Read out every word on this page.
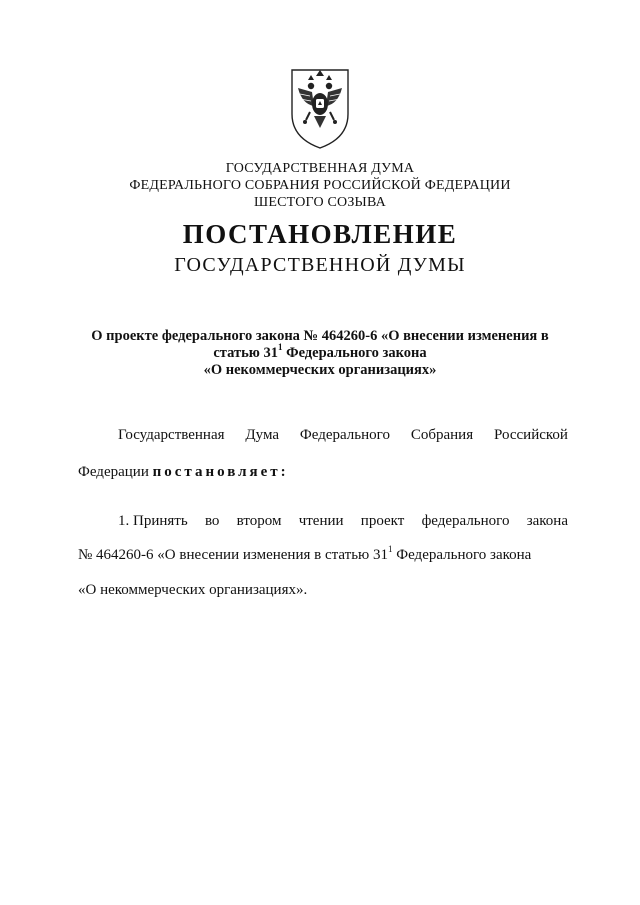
ГОСУДАРСТВЕННАЯ ДУМА
ФЕДЕРАЛЬНОГО СОБРАНИЯ РОССИЙСКОЙ ФЕДЕРАЦИИ
ШЕСТОГО СОЗЫВА
ПОСТАНОВЛЕНИЕ
ГОСУДАРСТВЕННОЙ ДУМЫ
О проекте федерального закона № 464260-6 «О внесении изменения в
статью $31^1$ Федерального закона
«О некоммерческих организациях»
Государственная Дума Федерального Собрания Российской
Федерации постановляет:
1. Принять во втором чтении проект федерального закона
№ 464260-6 «О внесении изменения в статью $31^1$ Федерального закона
«О некоммерческих организациях».
